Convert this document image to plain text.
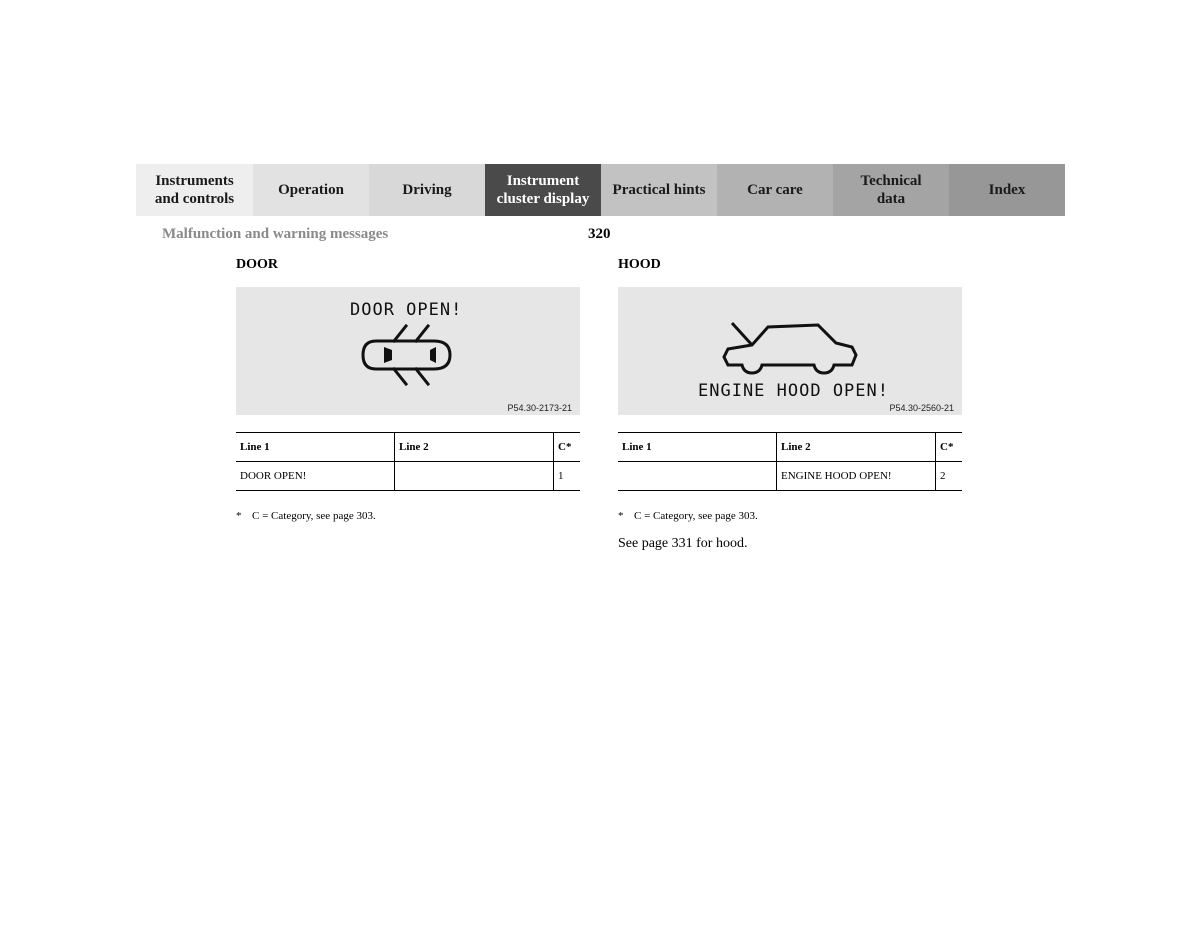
Instruments
and controls
Operation	Driving
Instrument
cluster display
Practical hints	Car care
Technical
data
Index
Malfunction and warning messages	320
DOOR
DOOR OPEN!
P54.30-2173-21
Line 1	Line 2	C*
DOOR OPEN!		1
* C = Category, see page 303.
HOOD
ENGINE HOOD OPEN!
P54.30-2560-21
Line 1	Line 2	C*
	ENGINE HOOD OPEN!	2
* C = Category, see page 303.
See page 331 for hood.
